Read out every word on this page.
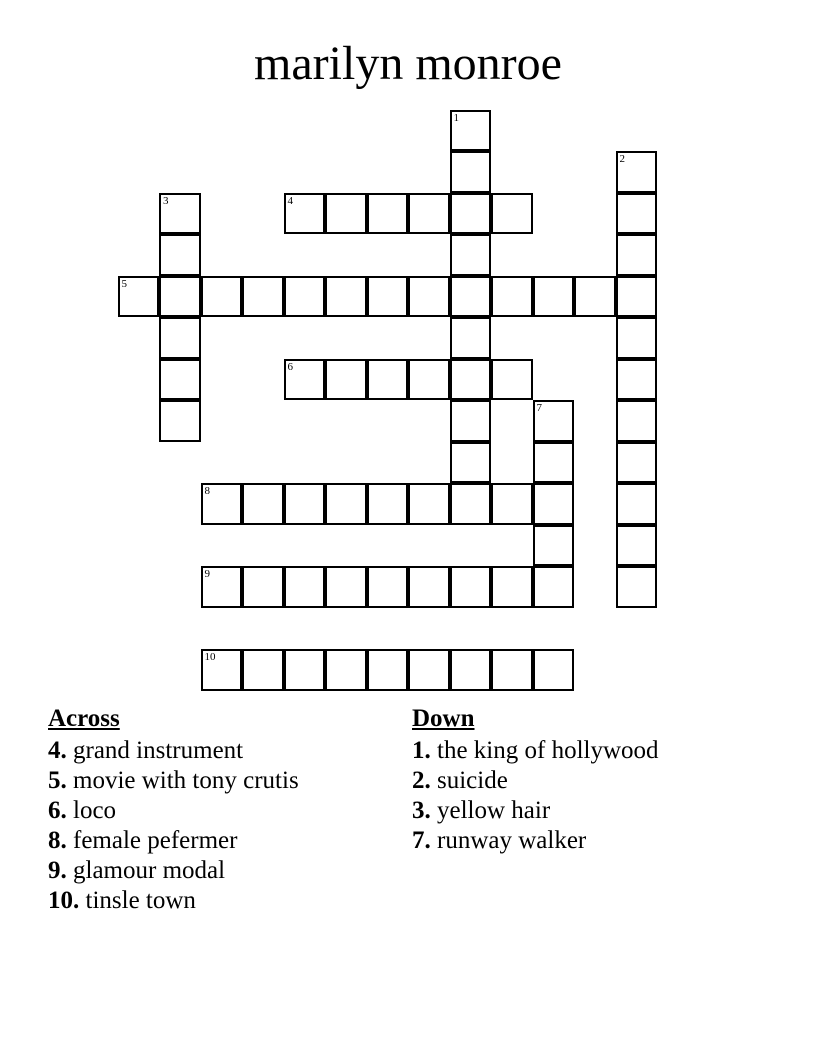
marilyn monroe
1
2
3	4
5
6
7
8
9
10
Across
4. grand instrument
5. movie with tony crutis
6. loco
8. female pefermer
9. glamour modal
10. tinsle town
Down
1. the king of hollywood
2. suicide
3. yellow hair
7. runway walker
